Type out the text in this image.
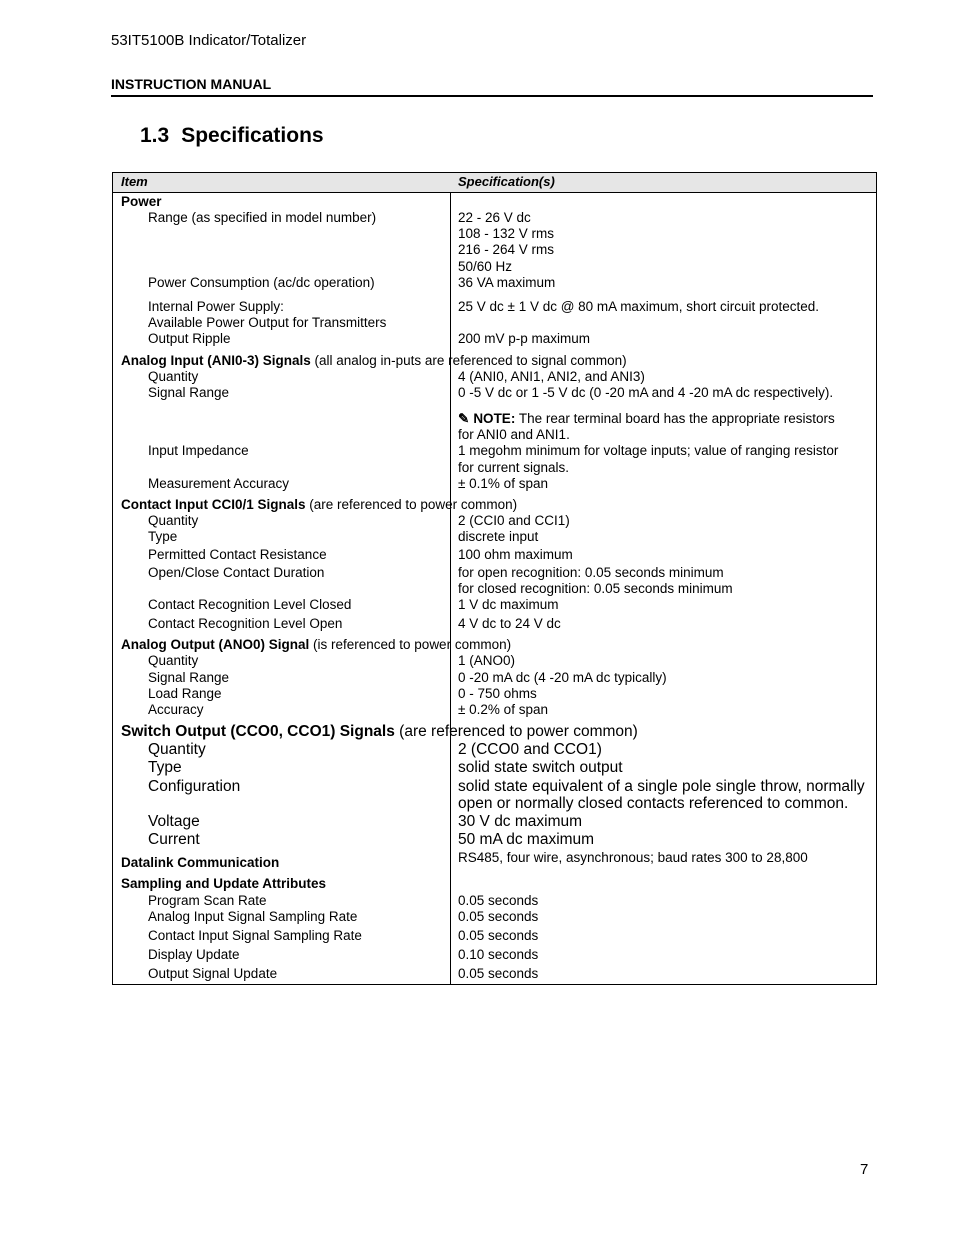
53IT5100B Indicator/Totalizer
INSTRUCTION MANUAL
1.3 Specifications
Item	Specification(s)
Power
Range (as specified in model number)	22 - 26 V dc
108 - 132 V rms
216 - 264 V rms
50/60 Hz
Power Consumption (ac/dc operation)	36 VA maximum
Internal Power Supply:	25 V dc ± 1 V dc @ 80 mA maximum, short circuit protected.
Available Power Output for Transmitters
Output Ripple	200 mV p-p maximum
Analog Input (ANI0-3) Signals (all analog in-puts are referenced to signal common)
Quantity	4 (ANI0, ANI1, ANI2, and ANI3)
Signal Range	0 -5 V dc or 1 -5 V dc (0 -20 mA and 4 -20 mA dc respectively).
✎ NOTE: The rear terminal board has the appropriate resistors
for ANI0 and ANI1.
Input Impedance	1 megohm minimum for voltage inputs; value of ranging resistor
for current signals.
Measurement Accuracy	± 0.1% of span
Contact Input CCI0/1 Signals (are referenced to power common)
Quantity	2 (CCI0 and CCI1)
Type	discrete input
Permitted Contact Resistance	100 ohm maximum
Open/Close Contact Duration	for open recognition: 0.05 seconds minimum
for closed recognition: 0.05 seconds minimum
Contact Recognition Level Closed	1 V dc maximum
Contact Recognition Level Open	4 V dc to 24 V dc
Analog Output (ANO0) Signal (is referenced to power common)
Quantity	1 (ANO0)
Signal Range	0 -20 mA dc (4 -20 mA dc typically)
Load Range	0 - 750 ohms
Accuracy	± 0.2% of span
Switch Output (CCO0, CCO1) Signals (are referenced to power common)
Quantity	2 (CCO0 and CCO1)
Type	solid state switch output
Configuration	solid state equivalent of a single pole single throw, normally
open or normally closed contacts referenced to common.
Voltage	30 V dc maximum
Current	50 mA dc maximum
Datalink Communication	RS485, four wire, asynchronous; baud rates 300 to 28,800
Sampling and Update Attributes
Program Scan Rate	0.05 seconds
Analog Input Signal Sampling Rate	0.05 seconds
Contact Input Signal Sampling Rate	0.05 seconds
Display Update	0.10 seconds
Output Signal Update	0.05 seconds
7
